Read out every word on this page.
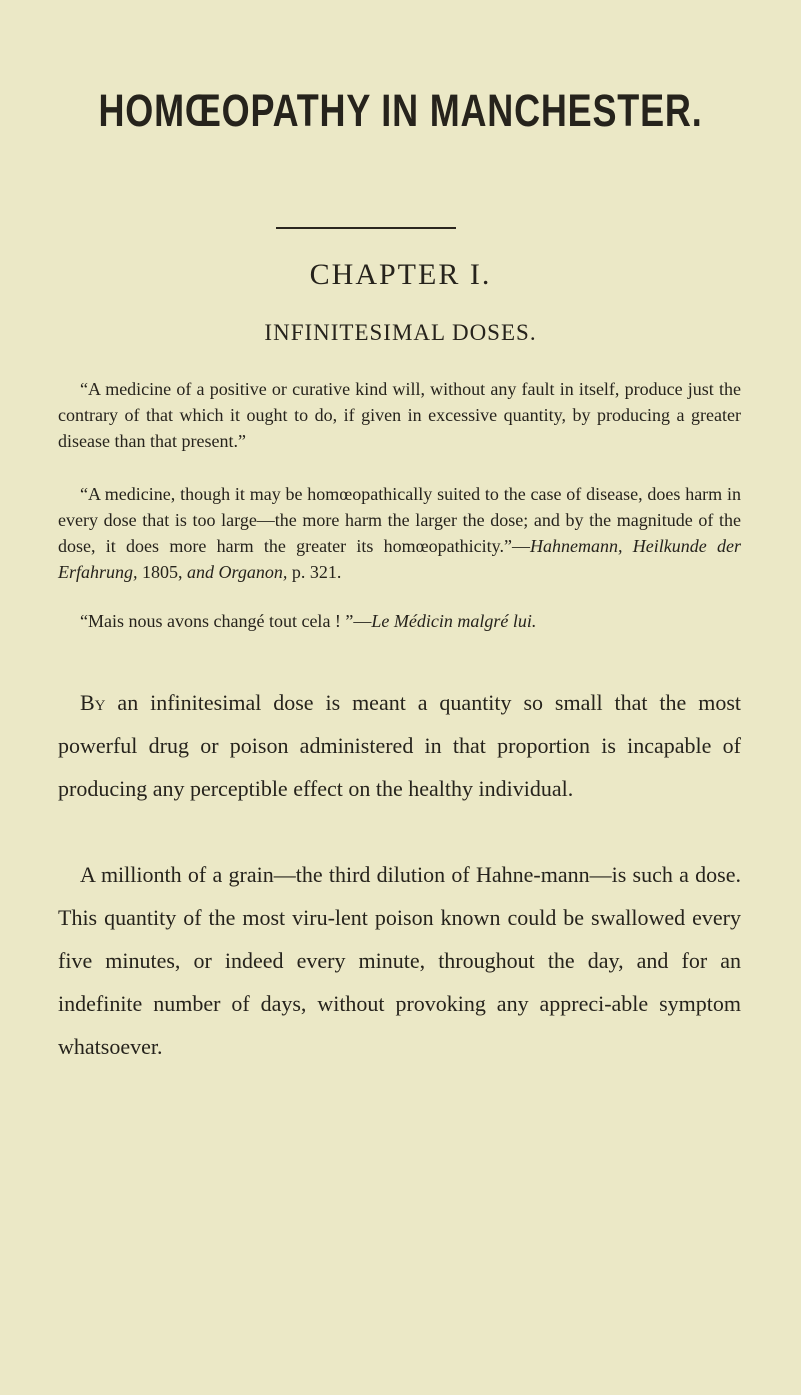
HOMŒOPATHY IN MANCHESTER.
CHAPTER I.
INFINITESIMAL DOSES.

“A medicine of a positive or curative kind will, without any fault in itself, produce just the contrary of that which it ought to do, if given in excessive quantity, by producing a greater disease than that present.”

“A medicine, though it may be homœopathically suited to the case of disease, does harm in every dose that is too large—the more harm the larger the dose; and by the magnitude of the dose, it does more harm the greater its homœopathicity.”—Hahnemann, Heilkunde der Erfahrung, 1805, and Organon, p. 321.

“Mais nous avons changé tout cela ! ”—Le Médicin malgré lui.

By an infinitesimal dose is meant a quantity so small that the most powerful drug or poison administered in that proportion is incapable of producing any perceptible effect on the healthy individual.

A millionth of a grain—the third dilution of Hahne-mann—is such a dose. This quantity of the most viru-lent poison known could be swallowed every five minutes, or indeed every minute, throughout the day, and for an indefinite number of days, without provoking any appreci-able symptom whatsoever.
